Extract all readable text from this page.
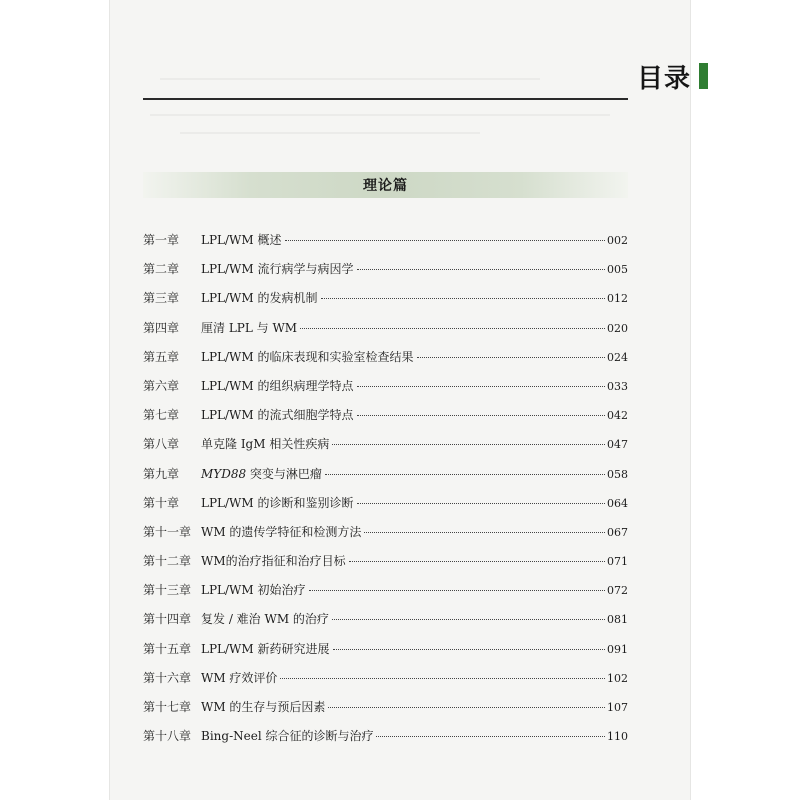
目录
理论篇
第一章	LPL/WM 概述	002
第二章	LPL/WM 流行病学与病因学	005
第三章	LPL/WM 的发病机制	012
第四章	厘清 LPL 与 WM	020
第五章	LPL/WM 的临床表现和实验室检查结果	024
第六章	LPL/WM 的组织病理学特点	033
第七章	LPL/WM 的流式细胞学特点	042
第八章	单克隆 IgM 相关性疾病	047
第九章	MYD88 突变与淋巴瘤	058
第十章	LPL/WM 的诊断和鉴别诊断	064
第十一章 WM 的遗传学特征和检测方法	067
第十二章 WM的治疗指征和治疗目标	071
第十三章 LPL/WM 初始治疗	072
第十四章 复发 / 难治 WM 的治疗	081
第十五章 LPL/WM 新药研究进展	091
第十六章 WM 疗效评价	102
第十七章 WM 的生存与预后因素	107
第十八章 Bing-Neel 综合征的诊断与治疗	110
